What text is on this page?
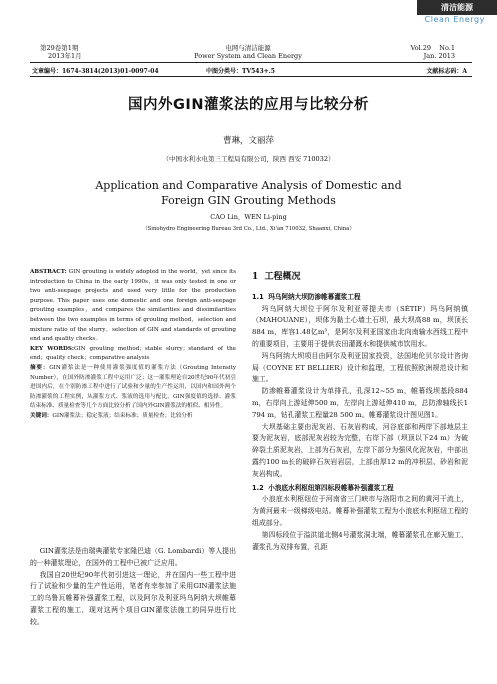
清洁能源
Clean Energy
第29卷第1期
2013年1月
电网与清洁能源
Power System and Clean Energy
Vol.29    No.1
Jan. 2013
文章编号：1674-3814(2013)01-0097-04	中图分类号：TV543+.5	文献标志码：A
国内外GIN灌浆法的应用与比较分析
曹琳，文丽萍
（中国水利水电第三工程局有限公司，陕西 西安 710032）
Application and Comparative Analysis of Domestic and
Foreign GIN Grouting Methods
CAO Lin，WEN Li-ping
（Sinohydro Engineering Bureau 3rd Co., Ltd., Xi'an 710032, Shaanxi, China）

ABSTRACT: GIN grouting is widely adopted in the world，yet since its introduction to China in the early 1990s，it was only tested in one or two anti-seepage projects and used very little for the production purpose. This paper uses one domestic and one foreign anti-seepage grouting examples，and compares the similarities and dissimilarities between the two examples in terms of grouting method，selection and mixture ratio of the slurry，selection of GIN and standards of grouting end and quality checks.

KEY WORDS:GIN grouting method；stable slurry；standard of the end；quality check；comparative analysis

摘要：GIN灌浆法是一种使用灌浆强度值的灌浆方法（Grouting Intensity Number），在国外防渗灌浆工程中运用广泛；这一灌浆理论自20世纪90年代初引进国内后，在个别防渗工程中进行了试验和少量的生产性运用，以国内和国外两个防渗灌浆的工程实例，从灌浆方式、浆液的选用与配比、GIN强度值的选择、灌浆结束标准、质量检查等几个方面比较分析了国内外GIN灌浆法的相似、相异性。

关键词：GIN灌浆法；稳定浆液；结束标准；质量检查；比较分析

GIN灌浆法是由瑞典灌浆专家隆巴迪（G. Lombardi）等人提出的一种灌浆理论，在国外的工程中已被广泛应用。

我国自20世纪90年代初引进这一理论，并在国内一些工程中进行了试验和少量的生产性运用，笔者有幸参加了采用GIN灌浆法施工的乌鲁瓦帷幕补强灌浆工程，以及阿尔及利亚玛乌阿纳大坝帷幕灌浆工程的施工，现对这两个项目GIN灌浆法施工的同异进行比较。

1 工程概况
1.1 玛乌阿纳大坝防渗帷幕灌浆工程

玛乌阿纳大坝位于阿尔及利亚蒂提夫市（SÉTIF）玛乌阿纳镇（MAHOUANE），坝体为黏土心墙土石坝，最大坝高88 m，坝顶长884 m，库容1.48亿m³，是阿尔及利亚国家由北向南输水西线工程中的重要项目，主要用于提供农田灌溉水和提供城市饮用水。

玛乌阿纳大坝项目由阿尔及利亚国家投资，法国地伦贝尔设计咨询局（COYNE ET BELLIER）设计和监理，工程依照欧洲规范设计和施工。

防渗帷幕灌浆设计为单排孔，孔深12~55 m，帷幕线坝基段884 m，右岸向上游延伸500 m，左岸向上游延伸410 m，总防渗轴线长1 794 m，钻孔灌浆工程量28 500 m。帷幕灌浆设计图见图1。

大坝基础主要由泥灰岩、石灰岩构成，河谷底部和两岸下部地层主要为泥灰岩，底部泥灰岩较为完整，右岸下部（坝顶以下24 m）为破碎裂土质泥灰岩，上部为石灰岩，左岸下部分为强风化泥灰岩，中部出露约100 m长的破碎石灰岩岩层，上部由厚12 m的冲积层、砂岩和泥灰岩构成。

1.2 小浪底水利枢纽第四标段帷幕补强灌浆工程

小浪底水利枢纽位于河南省三门峡市与洛阳市之间的黄河干流上，为黄河最末一级梯级电站。帷幕补强灌浆工程为小浪底水利枢纽工程的组成部分。

第四标段位于溢洪道北侧4号灌浆洞北端，帷幕灌浆孔在廊天施工，灌浆孔为双排布置，孔距
